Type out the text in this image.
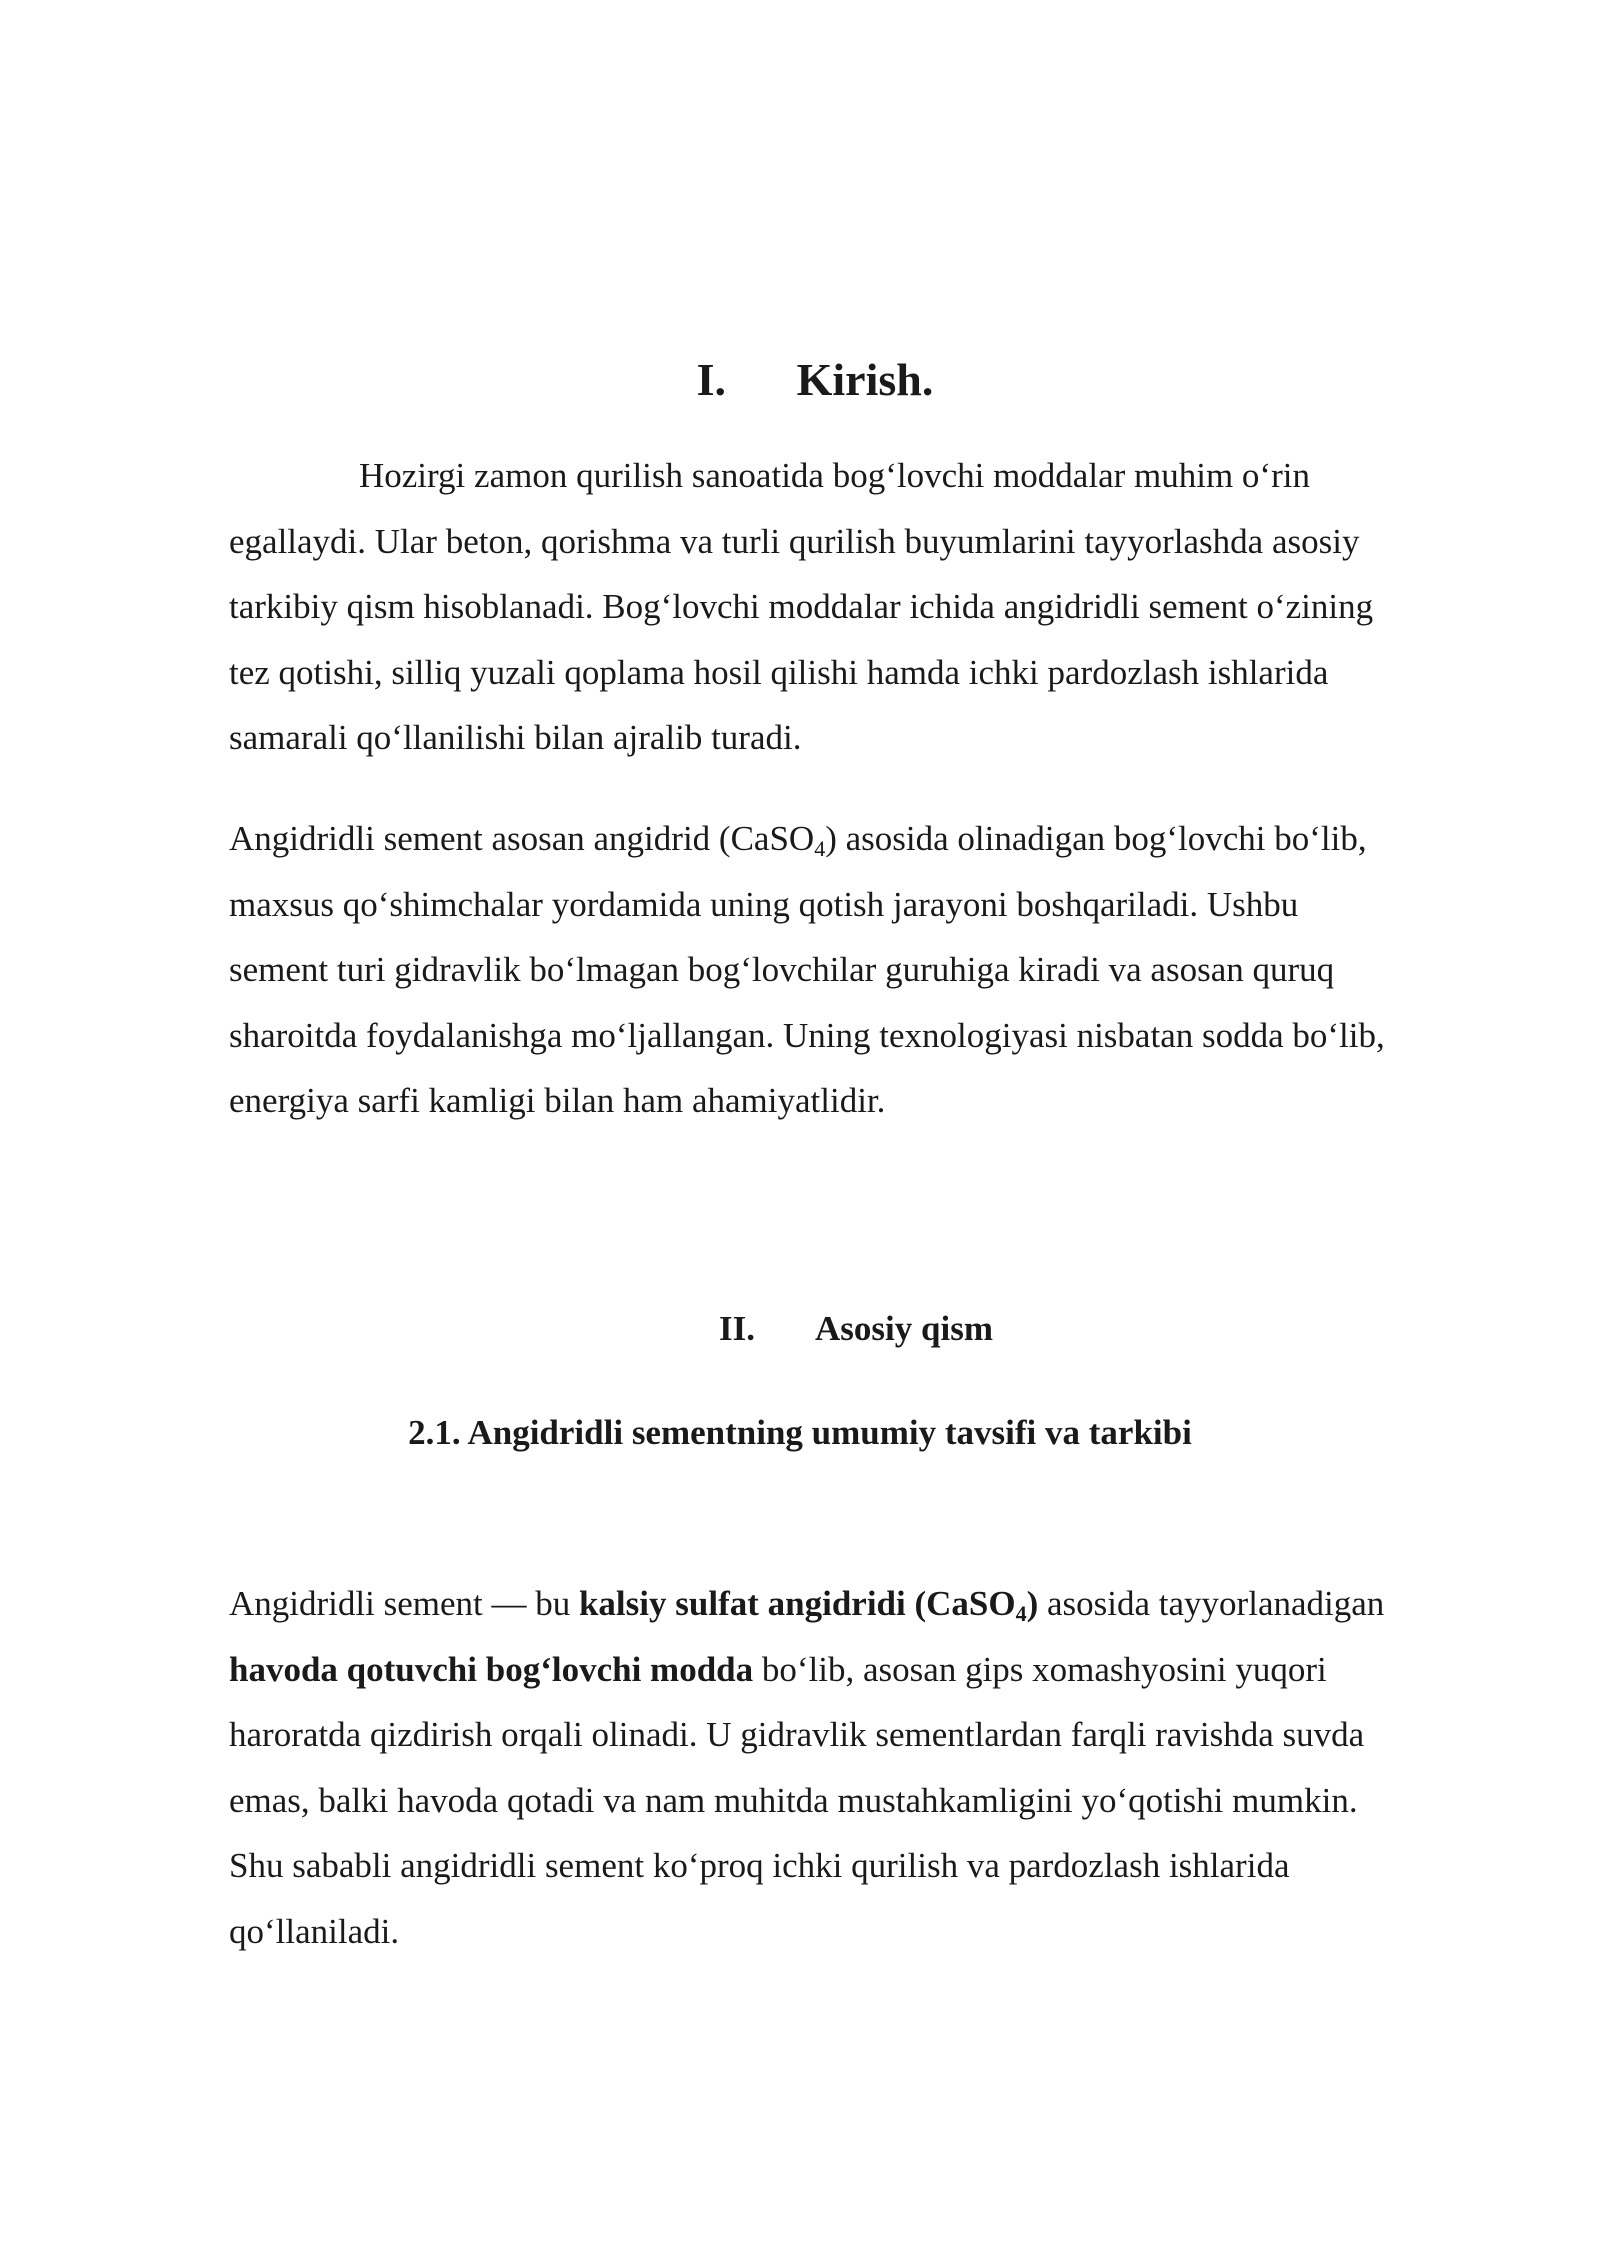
I. Kirish.

Hozirgi zamon qurilish sanoatida bog‘lovchi moddalar muhim o‘rin
egallaydi. Ular beton, qorishma va turli qurilish buyumlarini tayyorlashda asosiy
tarkibiy qism hisoblanadi. Bog‘lovchi moddalar ichida angidridli sement o‘zining
tez qotishi, silliq yuzali qoplama hosil qilishi hamda ichki pardozlash ishlarida
samarali qo‘llanilishi bilan ajralib turadi.

Angidridli sement asosan angidrid (CaSO$_4$) asosida olinadigan bog‘lovchi bo‘lib,
maxsus qo‘shimchalar yordamida uning qotish jarayoni boshqariladi. Ushbu
sement turi gidravlik bo‘lmagan bog‘lovchilar guruhiga kiradi va asosan quruq
sharoitda foydalanishga mo‘ljallangan. Uning texnologiyasi nisbatan sodda bo‘lib,
energiya sarfi kamligi bilan ham ahamiyatlidir.

II. Asosiy qism
2.1. Angidridli sementning umumiy tavsifi va tarkibi

Angidridli sement — bu kalsiy sulfat angidridi (CaSO$_4$) asosida tayyorlanadigan
havoda qotuvchi bog‘lovchi modda bo‘lib, asosan gips xomashyosini yuqori
haroratda qizdirish orqali olinadi. U gidravlik sementlardan farqli ravishda suvda
emas, balki havoda qotadi va nam muhitda mustahkamligini yo‘qotishi mumkin.
Shu sababli angidridli sement ko‘proq ichki qurilish va pardozlash ishlarida
qo‘llaniladi.
